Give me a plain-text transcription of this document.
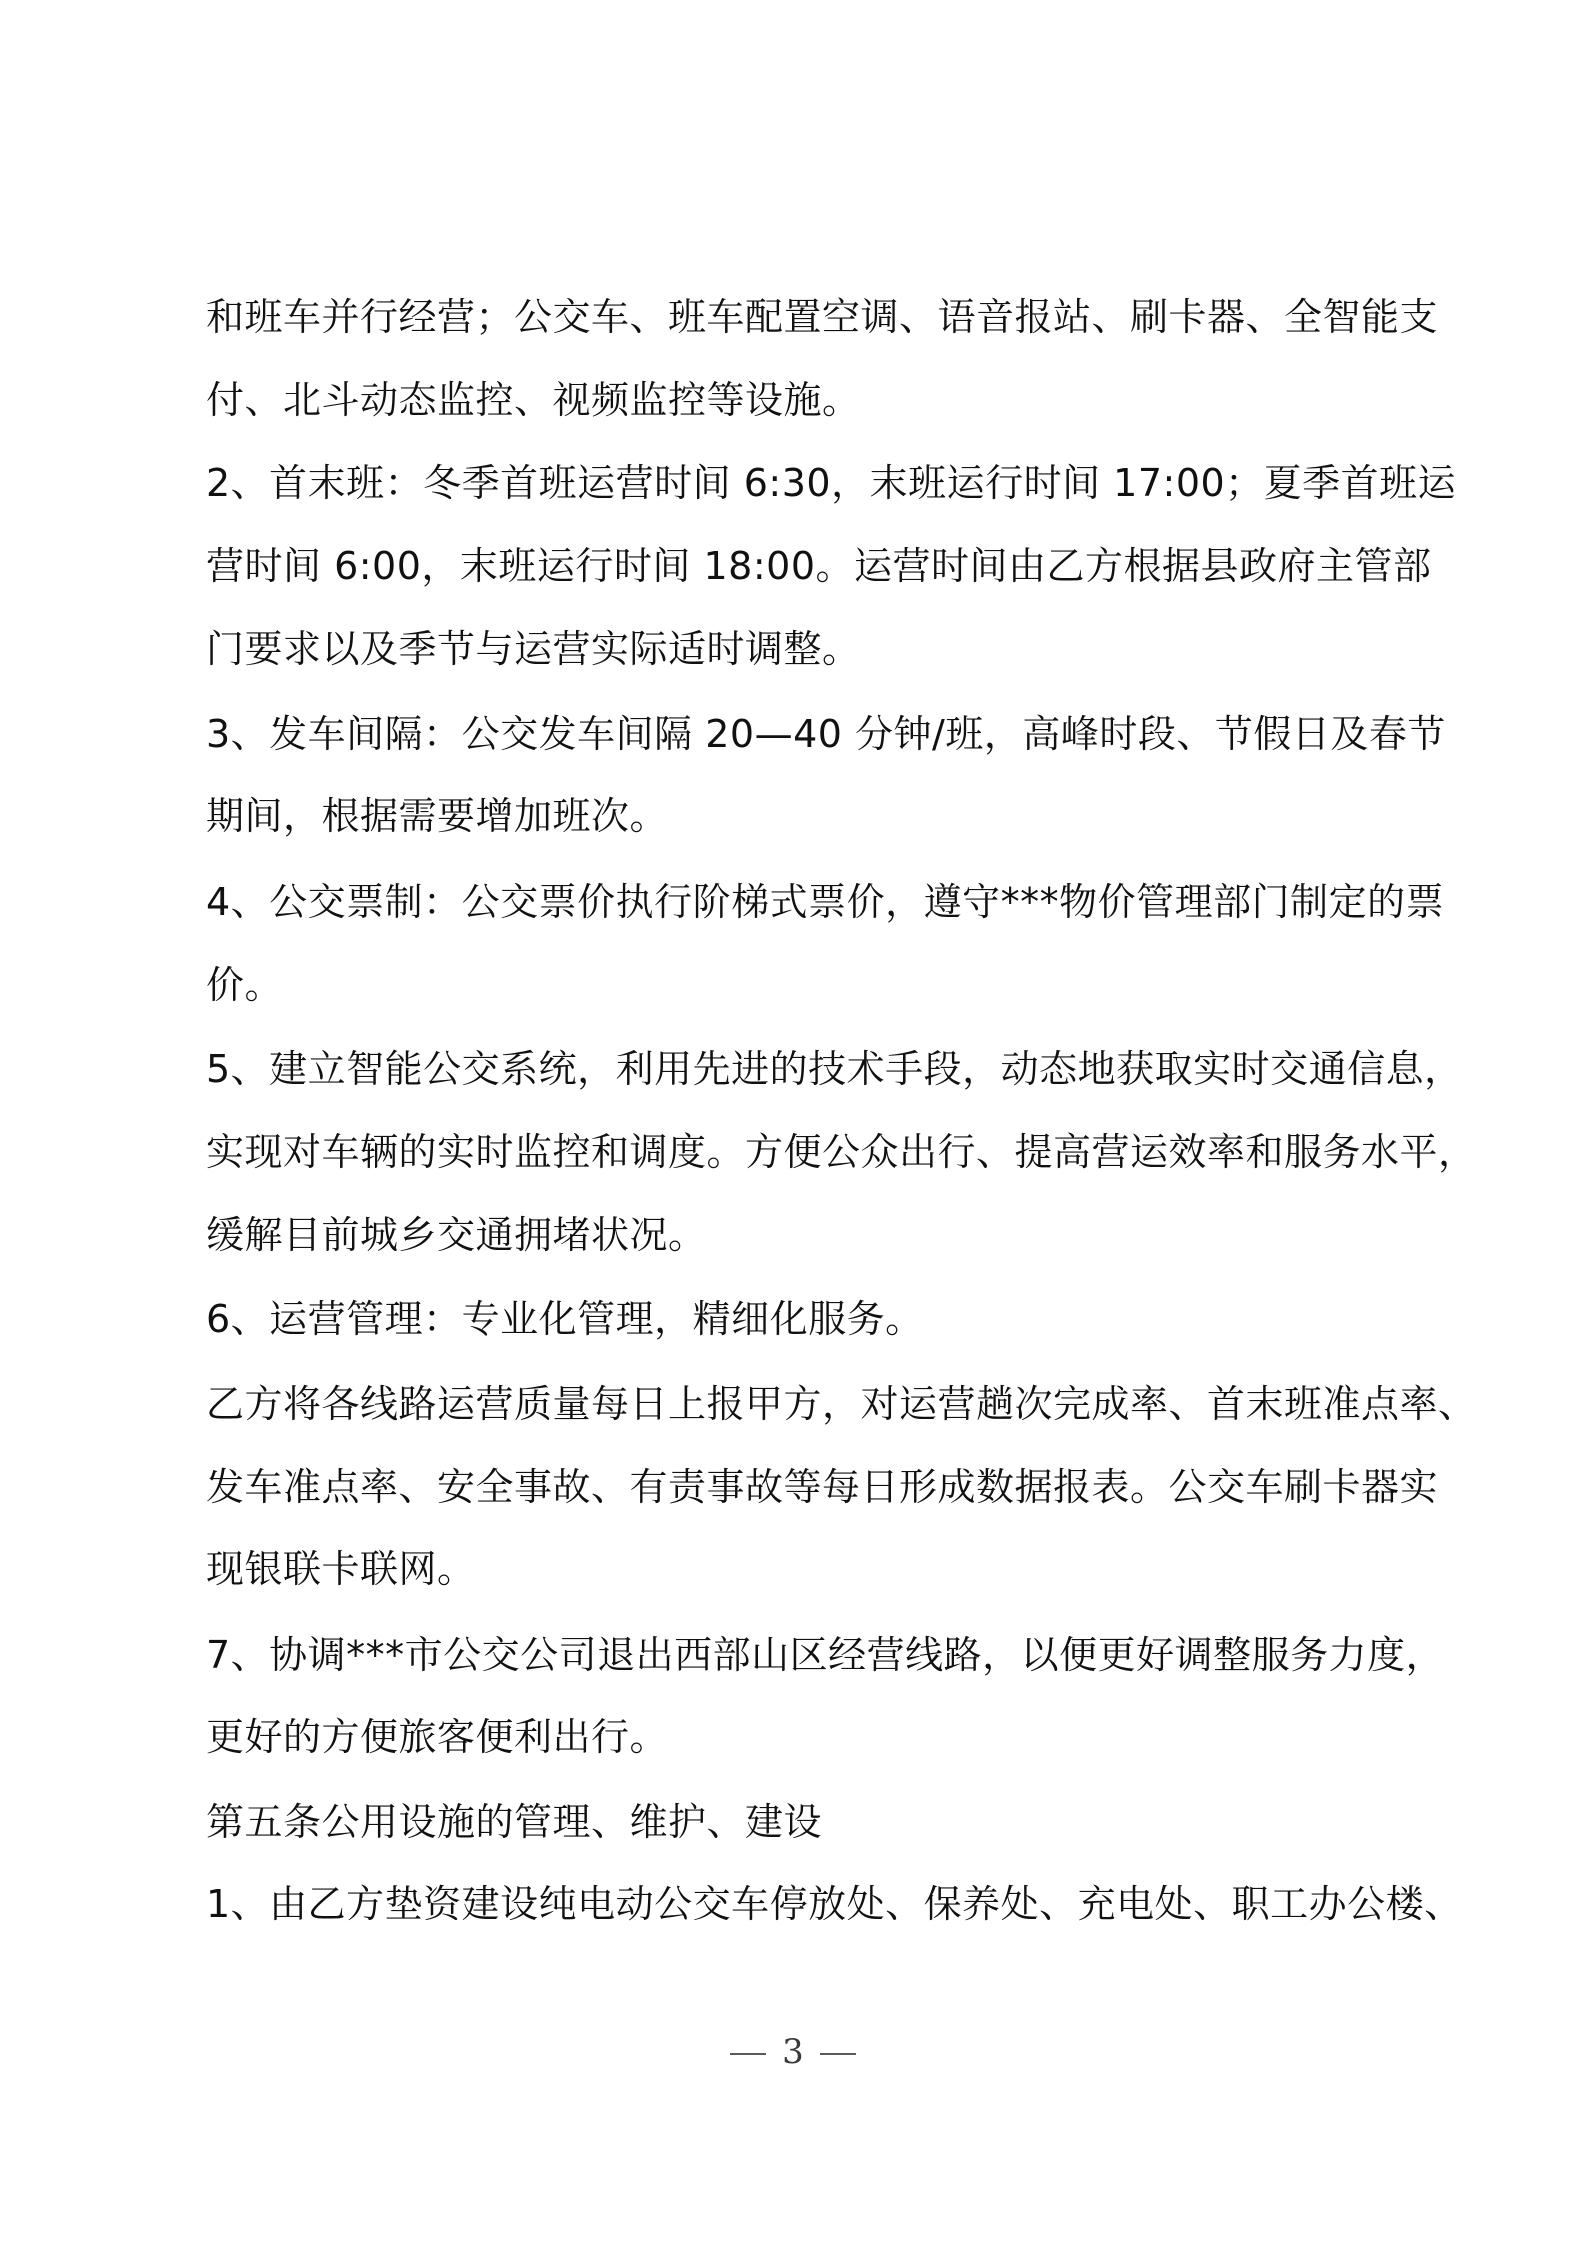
和班车并行经营；公交车、班车配置空调、语音报站、刷卡器、全智能支
付、北斗动态监控、视频监控等设施。
2、首末班：冬季首班运营时间 6:30，末班运行时间 17:00；夏季首班运
营时间 6:00，末班运行时间 18:00。运营时间由乙方根据县政府主管部
门要求以及季节与运营实际适时调整。
3、发车间隔：公交发车间隔 20—40 分钟/班，高峰时段、节假日及春节
期间，根据需要增加班次。
4、公交票制：公交票价执行阶梯式票价，遵守***物价管理部门制定的票
价。
5、建立智能公交系统，利用先进的技术手段，动态地获取实时交通信息，
实现对车辆的实时监控和调度。方便公众出行、提高营运效率和服务水平，
缓解目前城乡交通拥堵状况。
6、运营管理：专业化管理，精细化服务。
乙方将各线路运营质量每日上报甲方，对运营趟次完成率、首末班准点率、
发车准点率、安全事故、有责事故等每日形成数据报表。公交车刷卡器实
现银联卡联网。
7、协调***市公交公司退出西部山区经营线路，以便更好调整服务力度，
更好的方便旅客便利出行。
第五条公用设施的管理、维护、建设
1、由乙方垫资建设纯电动公交车停放处、保养处、充电处、职工办公楼、
3
